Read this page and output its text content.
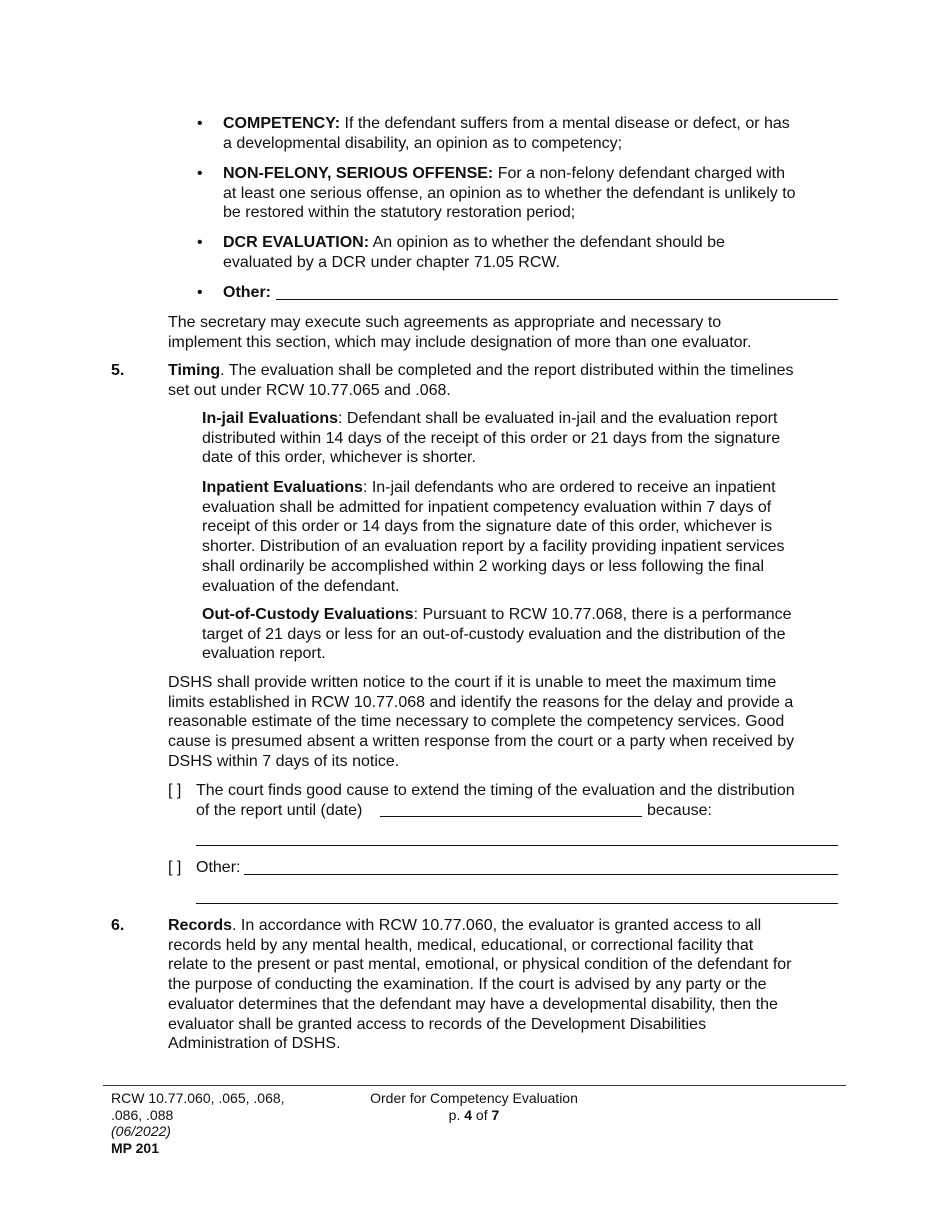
• COMPETENCY: If the defendant suffers from a mental disease or defect, or has
a developmental disability, an opinion as to competency;
• NON-FELONY, SERIOUS OFFENSE: For a non-felony defendant charged with
at least one serious offense, an opinion as to whether the defendant is unlikely to
be restored within the statutory restoration period;
• DCR EVALUATION: An opinion as to whether the defendant should be
evaluated by a DCR under chapter 71.05 RCW.
• Other:
The secretary may execute such agreements as appropriate and necessary to
implement this section, which may include designation of more than one evaluator.
5.	Timing. The evaluation shall be completed and the report distributed within the timelines
set out under RCW 10.77.065 and .068.
In-jail Evaluations: Defendant shall be evaluated in-jail and the evaluation report
distributed within 14 days of the receipt of this order or 21 days from the signature
date of this order, whichever is shorter.
Inpatient Evaluations: In-jail defendants who are ordered to receive an inpatient
evaluation shall be admitted for inpatient competency evaluation within 7 days of
receipt of this order or 14 days from the signature date of this order, whichever is
shorter. Distribution of an evaluation report by a facility providing inpatient services
shall ordinarily be accomplished within 2 working days or less following the final
evaluation of the defendant.
Out-of-Custody Evaluations: Pursuant to RCW 10.77.068, there is a performance
target of 21 days or less for an out-of-custody evaluation and the distribution of the
evaluation report.
DSHS shall provide written notice to the court if it is unable to meet the maximum time
limits established in RCW 10.77.068 and identify the reasons for the delay and provide a
reasonable estimate of the time necessary to complete the competency services. Good
cause is presumed absent a written response from the court or a party when received by
DSHS within 7 days of its notice.
[ ] The court finds good cause to extend the timing of the evaluation and the distribution
of the report until (date)	because:
[ ] Other:
6.	Records. In accordance with RCW 10.77.060, the evaluator is granted access to all
records held by any mental health, medical, educational, or correctional facility that
relate to the present or past mental, emotional, or physical condition of the defendant for
the purpose of conducting the examination. If the court is advised by any party or the
evaluator determines that the defendant may have a developmental disability, then the
evaluator shall be granted access to records of the Development Disabilities
Administration of DSHS.
RCW 10.77.060, .065, .068,
.086, .088
(06/2022)
MP 201
Order for Competency Evaluation
p. 4 of 7
